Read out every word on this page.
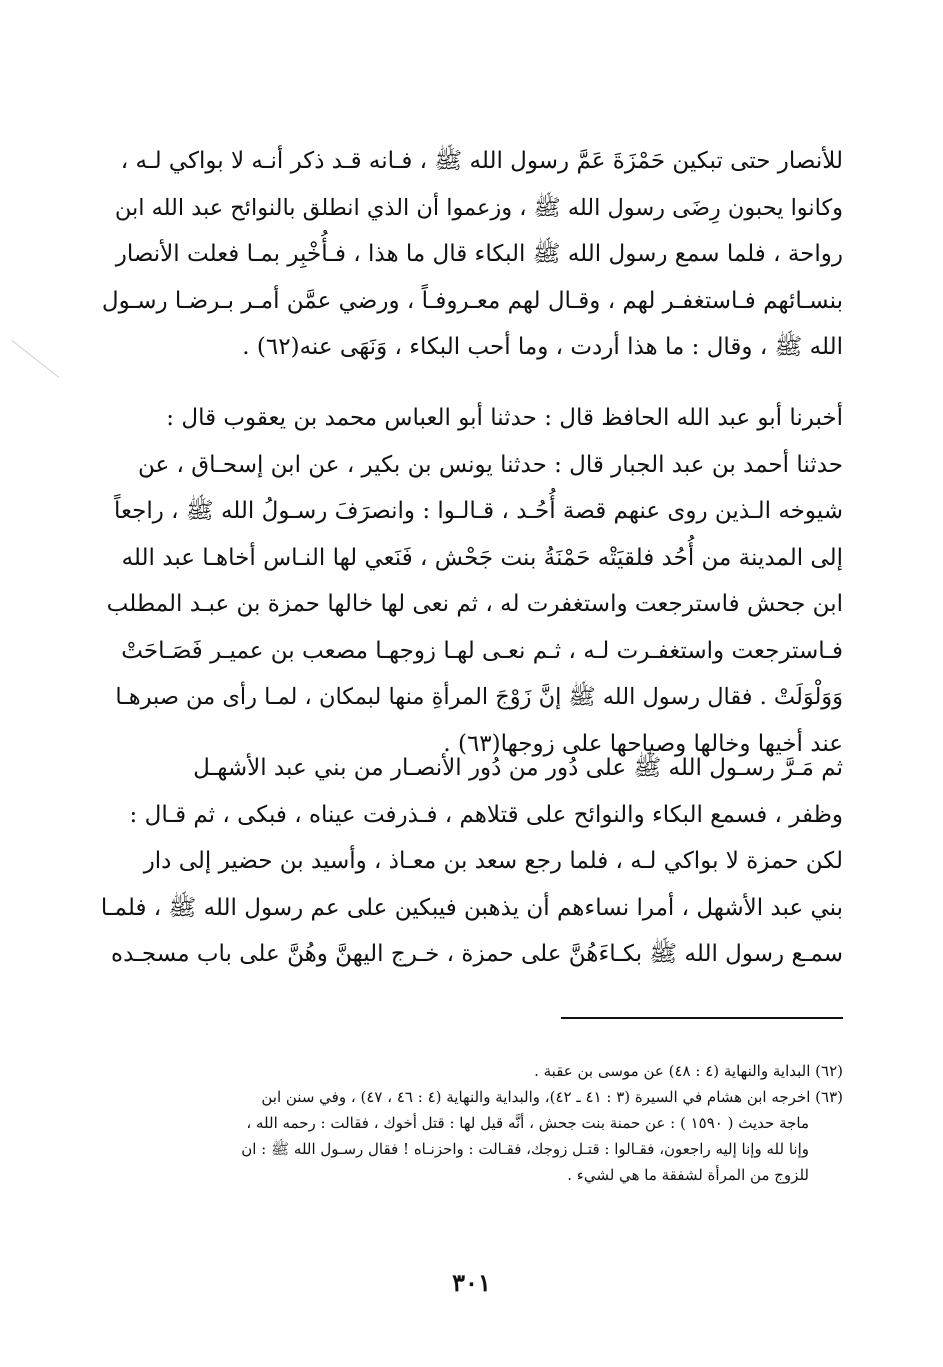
للأنصار حتى تبكين حَمْزَةَ عَمَّ رسول الله ﷺ ، فـانه قـد ذكر أنـه لا بواكي لـه ،
وكانوا يحبون رِضَى رسول الله ﷺ ، وزعموا أن الذي انطلق بالنوائح عبد الله ابن
رواحة ، فلما سمع رسول الله ﷺ البكاء قال ما هذا ، فـأُخْبِر بمـا فعلت الأنصار
بنسـائهم فـاستغفـر لهم ، وقـال لهم معـروفـاً ، ورضي عمَّن أمـر بـرضـا رسـول
الله ﷺ ، وقال : ما هذا أردت ، وما أحب البكاء ، وَنَهَى عنه(٦٢) .
أخبرنا أبو عبد الله الحافظ قال : حدثنا أبو العباس محمد بن يعقوب قال :
حدثنا أحمد بن عبد الجبار قال : حدثنا يونس بن بكير ، عن ابن إسحـاق ، عن
شيوخه الـذين روى عنهم قصة أُحُـد ، قـالـوا : وانصرَفَ رسـولُ الله ﷺ ، راجعاً
إلى المدينة من أُحُد فلقيَتْه حَمْنَةُ بنت جَحْش ، فَنَعي لها النـاس أخاهـا عبد الله
ابن جحش فاسترجعت واستغفرت له ، ثم نعى لها خالها حمزة بن عبـد المطلب
فـاسترجعت واستغفـرت لـه ، ثـم نعـى لهـا زوجهـا مصعب بن عميـر فَصَـاحَتْ
وَوَلْوَلَتْ . فقال رسول الله ﷺ إنَّ زَوْجَ المرأةِ منها لبمكان ، لمـا رأى من صبرهـا
عند أخيها وخالها وصياحها على زوجها(٦٣) .
ثم مَـرَّ رسـول الله ﷺ على دُور من دُور الأنصـار من بني عبد الأشهـل
وظفر ، فسمع البكاء والنوائح على قتلاهم ، فـذرفت عيناه ، فبكى ، ثم قـال :
لكن حمزة لا بواكي لـه ، فلما رجع سعد بن معـاذ ، وأسيد بن حضير إلى دار
بني عبد الأشهل ، أمرا نساءهم أن يذهبن فيبكين على عم رسول الله ﷺ ، فلمـا
سمـع رسول الله ﷺ بكـاءَهُنَّ على حمزة ، خـرج اليهنَّ وهُنَّ على باب مسجـده
(٦٢) البداية والنهاية (٤ : ٤٨) عن موسى بن عقبة .
(٦٣) اخرجه ابن هشام في السيرة (٣ : ٤١ ـ ٤٢)، والبداية والنهاية (٤ : ٤٦ ، ٤٧) ، وفي سنن ابن
ماجة حديث ( ١٥٩٠ ) : عن حمنة بنت جحش ، أنَّه قيل لها : قتل أخوك ، فقالت : رحمه الله ،
وإنا لله وإنا إليه راجعون، فقـالوا : قتـل زوجك، فقـالت : واحزنـاه ! فقال رسـول الله ﷺ : ان
للزوج من المرأة لشفقة ما هي لشيء .
٣٠١
